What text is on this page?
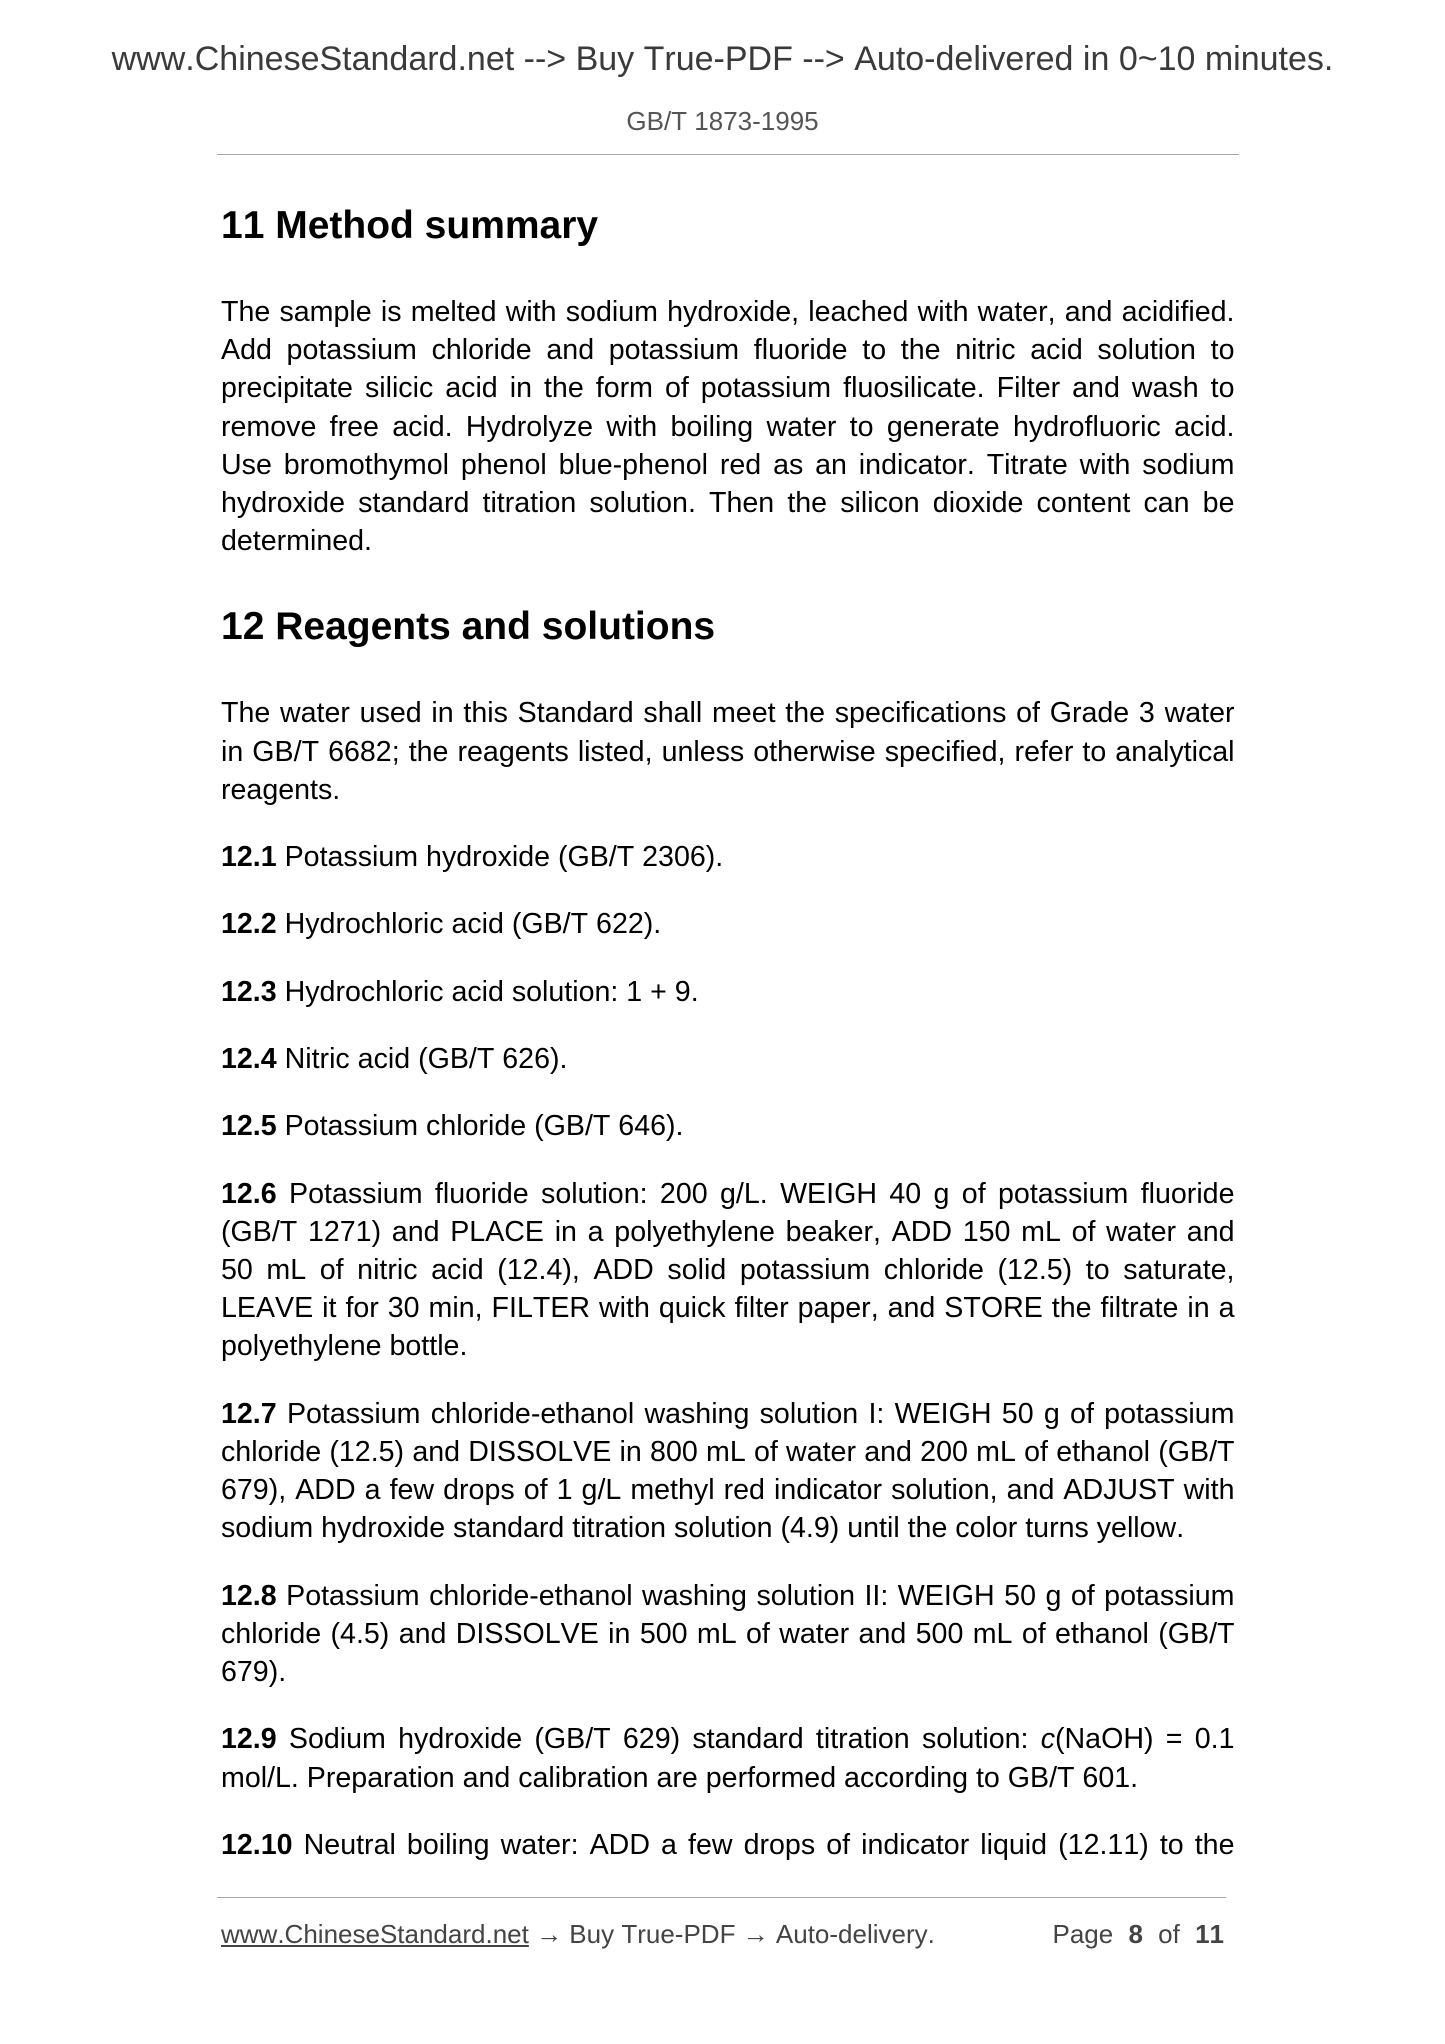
www.ChineseStandard.net --> Buy True-PDF --> Auto-delivered in 0~10 minutes.
GB/T 1873-1995
11 Method summary

The sample is melted with sodium hydroxide, leached with water, and acidified. Add potassium chloride and potassium fluoride to the nitric acid solution to precipitate silicic acid in the form of potassium fluosilicate. Filter and wash to remove free acid. Hydrolyze with boiling water to generate hydrofluoric acid. Use bromothymol phenol blue-phenol red as an indicator. Titrate with sodium hydroxide standard titration solution. Then the silicon dioxide content can be determined.

12 Reagents and solutions

The water used in this Standard shall meet the specifications of Grade 3 water in GB/T 6682; the reagents listed, unless otherwise specified, refer to analytical reagents.

12.1 Potassium hydroxide (GB/T 2306).

12.2 Hydrochloric acid (GB/T 622).

12.3 Hydrochloric acid solution: 1 + 9.

12.4 Nitric acid (GB/T 626).

12.5 Potassium chloride (GB/T 646).

12.6 Potassium fluoride solution: 200 g/L. WEIGH 40 g of potassium fluoride (GB/T 1271) and PLACE in a polyethylene beaker, ADD 150 mL of water and 50 mL of nitric acid (12.4), ADD solid potassium chloride (12.5) to saturate, LEAVE it for 30 min, FILTER with quick filter paper, and STORE the filtrate in a polyethylene bottle.

12.7 Potassium chloride-ethanol washing solution I: WEIGH 50 g of potassium chloride (12.5) and DISSOLVE in 800 mL of water and 200 mL of ethanol (GB/T 679), ADD a few drops of 1 g/L methyl red indicator solution, and ADJUST with sodium hydroxide standard titration solution (4.9) until the color turns yellow.

12.8 Potassium chloride-ethanol washing solution II: WEIGH 50 g of potassium chloride (4.5) and DISSOLVE in 500 mL of water and 500 mL of ethanol (GB/T 679).

12.9 Sodium hydroxide (GB/T 629) standard titration solution: c(NaOH) = 0.1 mol/L. Preparation and calibration are performed according to GB/T 601.

12.10 Neutral boiling water: ADD a few drops of indicator liquid (12.11) to the

www.ChineseStandard.net → Buy True-PDF → Auto-delivery.	Page 8 of 11
